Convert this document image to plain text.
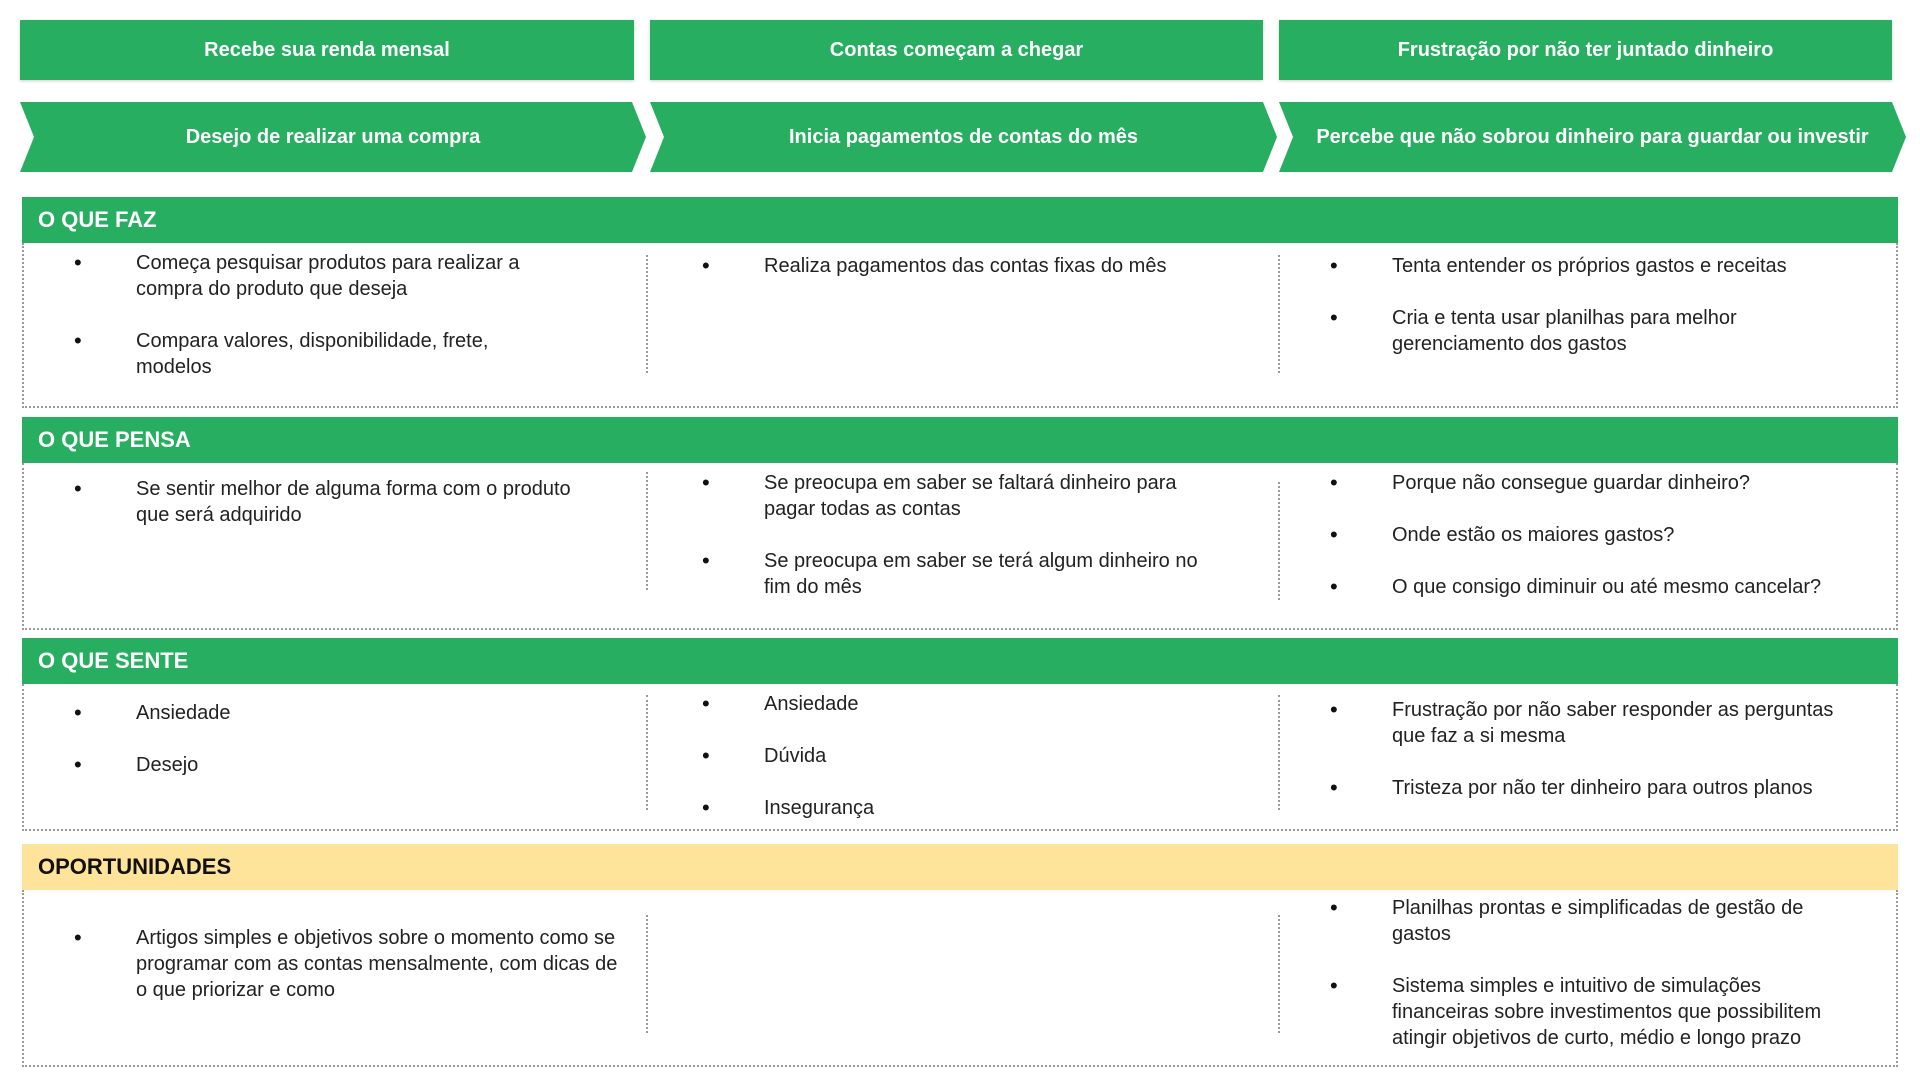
Recebe sua renda mensal	Contas começam a chegar	Frustração por não ter juntado dinheiro
Desejo de realizar uma compra	Inicia pagamentos de contas do mês	Percebe que não sobrou dinheiro para guardar ou investir
O QUE FAZ
• Começa pesquisar produtos para realizar a compra do produto que deseja
• Compara valores, disponibilidade, frete, modelos
• Realiza pagamentos das contas fixas do mês
•	Tenta entender os próprios gastos e receitas
• Cria e tenta usar planilhas para melhor gerenciamento dos gastos
O QUE PENSA
• Se sentir melhor de alguma forma com o produto que será adquirido
• Se preocupa em saber se faltará dinheiro para pagar todas as contas
• Se preocupa em saber se terá algum dinheiro no fim do mês
• Porque não consegue guardar dinheiro?
• Onde estão os maiores gastos?
• O que consigo diminuir ou até mesmo cancelar?
O QUE SENTE
• Ansiedade
• Desejo
• Ansiedade
• Dúvida
• Insegurança
• Frustração por não saber responder as perguntas que faz a si mesma
• Tristeza por não ter dinheiro para outros planos
OPORTUNIDADES
• Artigos simples e objetivos sobre o momento como se programar com as contas mensalmente, com dicas de o que priorizar e como
• Planilhas prontas e simplificadas de gestão de gastos
• Sistema simples e intuitivo de simulações financeiras sobre investimentos que possibilitem atingir objetivos de curto, médio e longo prazo
